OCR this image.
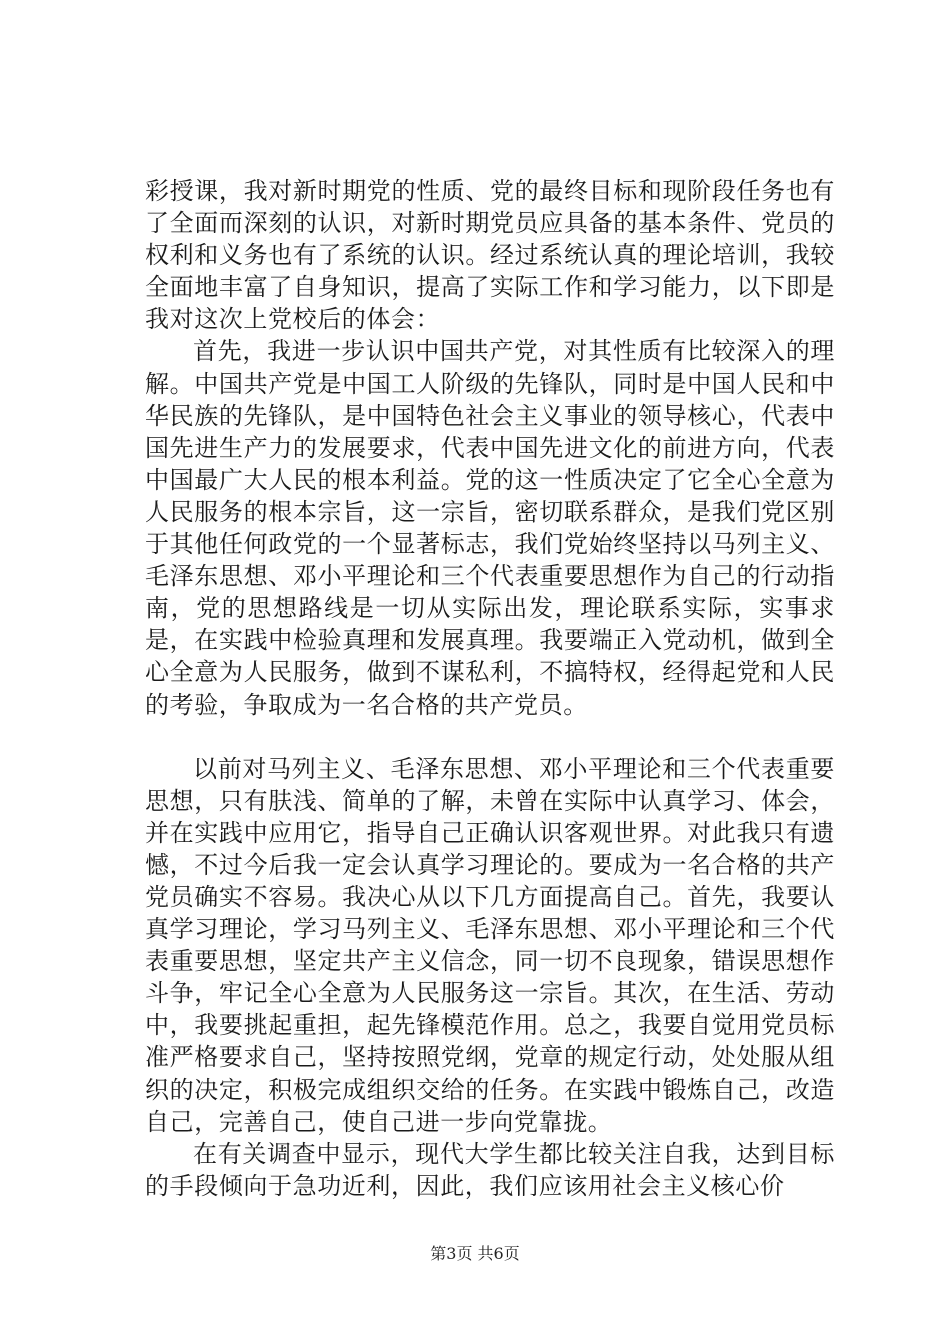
彩授课，我对新时期党的性质、党的最终目标和现阶段任务也有了全面而深刻的认识，对新时期党员应具备的基本条件、党员的权利和义务也有了系统的认识。经过系统认真的理论培训，我较全面地丰富了自身知识，提高了实际工作和学习能力，以下即是我对这次上党校后的体会：

首先，我进一步认识中国共产党，对其性质有比较深入的理解。中国共产党是中国工人阶级的先锋队，同时是中国人民和中华民族的先锋队，是中国特色社会主义事业的领导核心，代表中国先进生产力的发展要求，代表中国先进文化的前进方向，代表中国最广大人民的根本利益。党的这一性质决定了它全心全意为人民服务的根本宗旨，这一宗旨，密切联系群众，是我们党区别于其他任何政党的一个显著标志，我们党始终坚持以马列主义、毛泽东思想、邓小平理论和三个代表重要思想作为自己的行动指南，党的思想路线是一切从实际出发，理论联系实际，实事求是，在实践中检验真理和发展真理。我要端正入党动机，做到全心全意为人民服务，做到不谋私利，不搞特权，经得起党和人民的考验，争取成为一名合格的共产党员。

以前对马列主义、毛泽东思想、邓小平理论和三个代表重要思想，只有肤浅、简单的了解，未曾在实际中认真学习、体会，并在实践中应用它，指导自己正确认识客观世界。对此我只有遗憾，不过今后我一定会认真学习理论的。要成为一名合格的共产党员确实不容易。我决心从以下几方面提高自己。首先，我要认真学习理论，学习马列主义、毛泽东思想、邓小平理论和三个代表重要思想，坚定共产主义信念，同一切不良现象，错误思想作斗争，牢记全心全意为人民服务这一宗旨。其次，在生活、劳动中，我要挑起重担，起先锋模范作用。总之，我要自觉用党员标准严格要求自己，坚持按照党纲，党章的规定行动，处处服从组织的决定，积极完成组织交给的任务。在实践中锻炼自己，改造自己，完善自己，使自己进一步向党靠拢。

在有关调查中显示，现代大学生都比较关注自我，达到目标的手段倾向于急功近利，因此，我们应该用社会主义核心价

第3页 共6页
